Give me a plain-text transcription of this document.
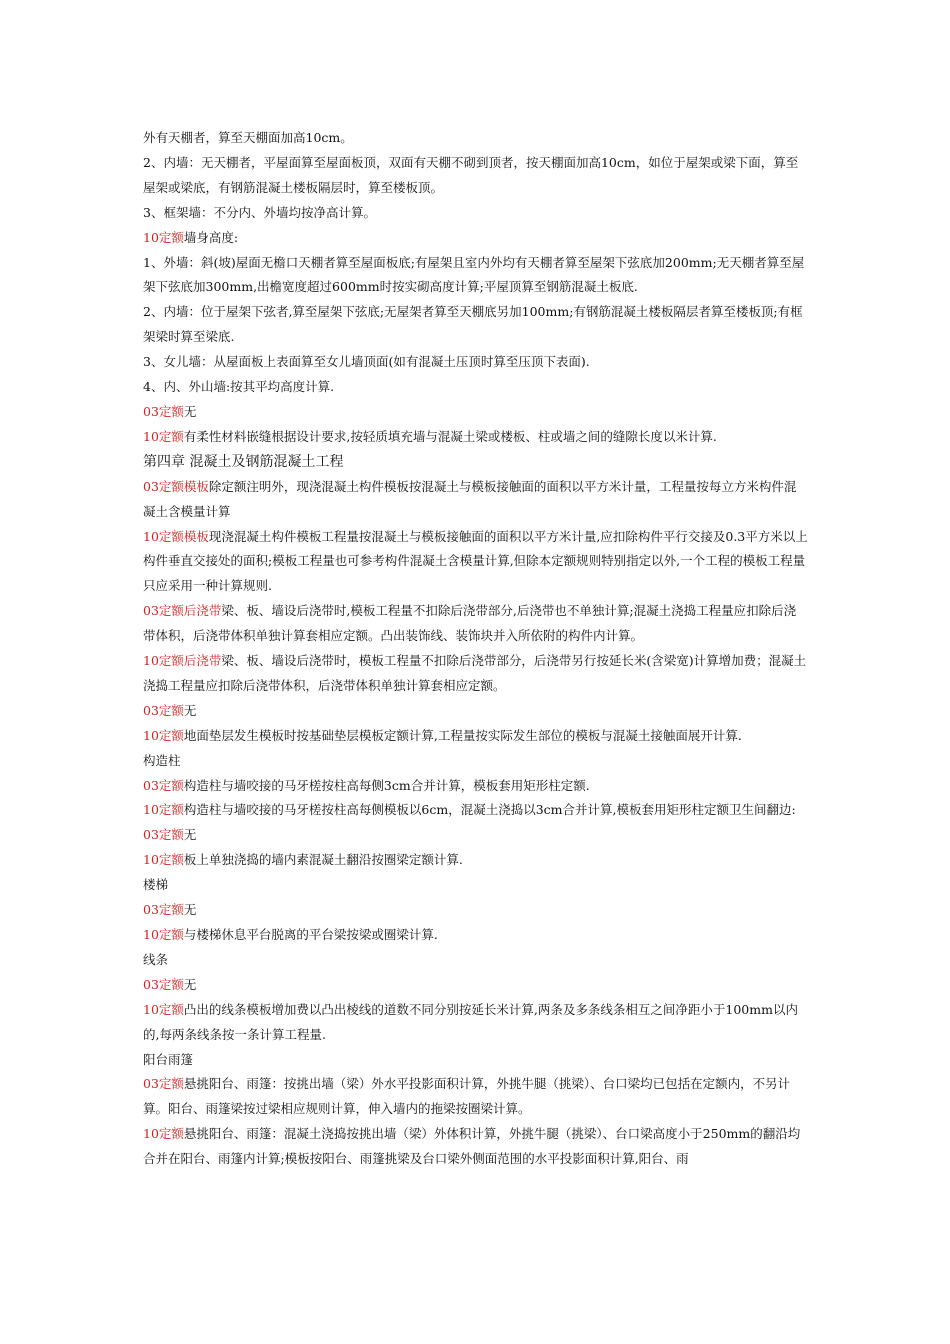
外有天棚者，算至天棚面加高10cm。

2、内墙：无天棚者，平屋面算至屋面板顶，双面有天棚不砌到顶者，按天棚面加高10cm，如位于屋架或梁下面，算至屋架或梁底，有钢筋混凝土楼板隔层时，算至楼板顶。

3、框架墙：不分内、外墙均按净高计算。

10定额墙身高度:

1、外墙：斜(坡)屋面无檐口天棚者算至屋面板底;有屋架且室内外均有天棚者算至屋架下弦底加200mm;无天棚者算至屋架下弦底加300mm,出檐宽度超过600mm时按实砌高度计算;平屋顶算至钢筋混凝土板底.

2、内墙：位于屋架下弦者,算至屋架下弦底;无屋架者算至天棚底另加100mm;有钢筋混凝土楼板隔层者算至楼板顶;有框架梁时算至梁底.

3、女儿墙：从屋面板上表面算至女儿墙顶面(如有混凝土压顶时算至压顶下表面).

4、内、外山墙:按其平均高度计算.

03定额无

10定额有柔性材料嵌缝根据设计要求,按轻质填充墙与混凝土梁或楼板、柱或墙之间的缝隙长度以米计算.

第四章 混凝土及钢筋混凝土工程

03定额模板除定额注明外，现浇混凝土构件模板按混凝土与模板接触面的面积以平方米计量，工程量按每立方米构件混凝土含模量计算

10定额模板现浇混凝土构件模板工程量按混凝土与模板接触面的面积以平方米计量,应扣除构件平行交接及0.3平方米以上构件垂直交接处的面积;模板工程量也可参考构件混凝土含模量计算,但除本定额规则特别指定以外,一个工程的模板工程量只应采用一种计算规则.

03定额后浇带梁、板、墙设后浇带时,模板工程量不扣除后浇带部分,后浇带也不单独计算;混凝土浇捣工程量应扣除后浇带体积，后浇带体积单独计算套相应定额。凸出装饰线、装饰块并入所依附的构件内计算。

10定额后浇带梁、板、墙设后浇带时，模板工程量不扣除后浇带部分，后浇带另行按延长米(含梁宽)计算增加费；混凝土浇捣工程量应扣除后浇带体积，后浇带体积单独计算套相应定额。

03定额无

10定额地面垫层发生模板时按基础垫层模板定额计算,工程量按实际发生部位的模板与混凝土接触面展开计算.

构造柱

03定额构造柱与墙咬接的马牙槎按柱高每侧3cm合并计算，模板套用矩形柱定额.

10定额构造柱与墙咬接的马牙槎按柱高每侧模板以6cm，混凝土浇捣以3cm合并计算,模板套用矩形柱定额卫生间翻边:

03定额无

10定额板上单独浇捣的墙内素混凝土翻沿按圈梁定额计算.

楼梯

03定额无

10定额与楼梯休息平台脱离的平台梁按梁或圈梁计算.

线条

03定额无

10定额凸出的线条模板增加费以凸出棱线的道数不同分别按延长米计算,两条及多条线条相互之间净距小于100mm以内的,每两条线条按一条计算工程量.

阳台雨篷

03定额悬挑阳台、雨篷：按挑出墙（梁）外水平投影面积计算，外挑牛腿（挑梁）、台口梁均已包括在定额内，不另计算。阳台、雨篷梁按过梁相应规则计算，伸入墙内的拖梁按圈梁计算。

10定额悬挑阳台、雨篷：混凝土浇捣按挑出墙（梁）外体积计算，外挑牛腿（挑梁）、台口梁高度小于250mm的翻沿均合并在阳台、雨篷内计算;模板按阳台、雨篷挑梁及台口梁外侧面范围的水平投影面积计算,阳台、雨
